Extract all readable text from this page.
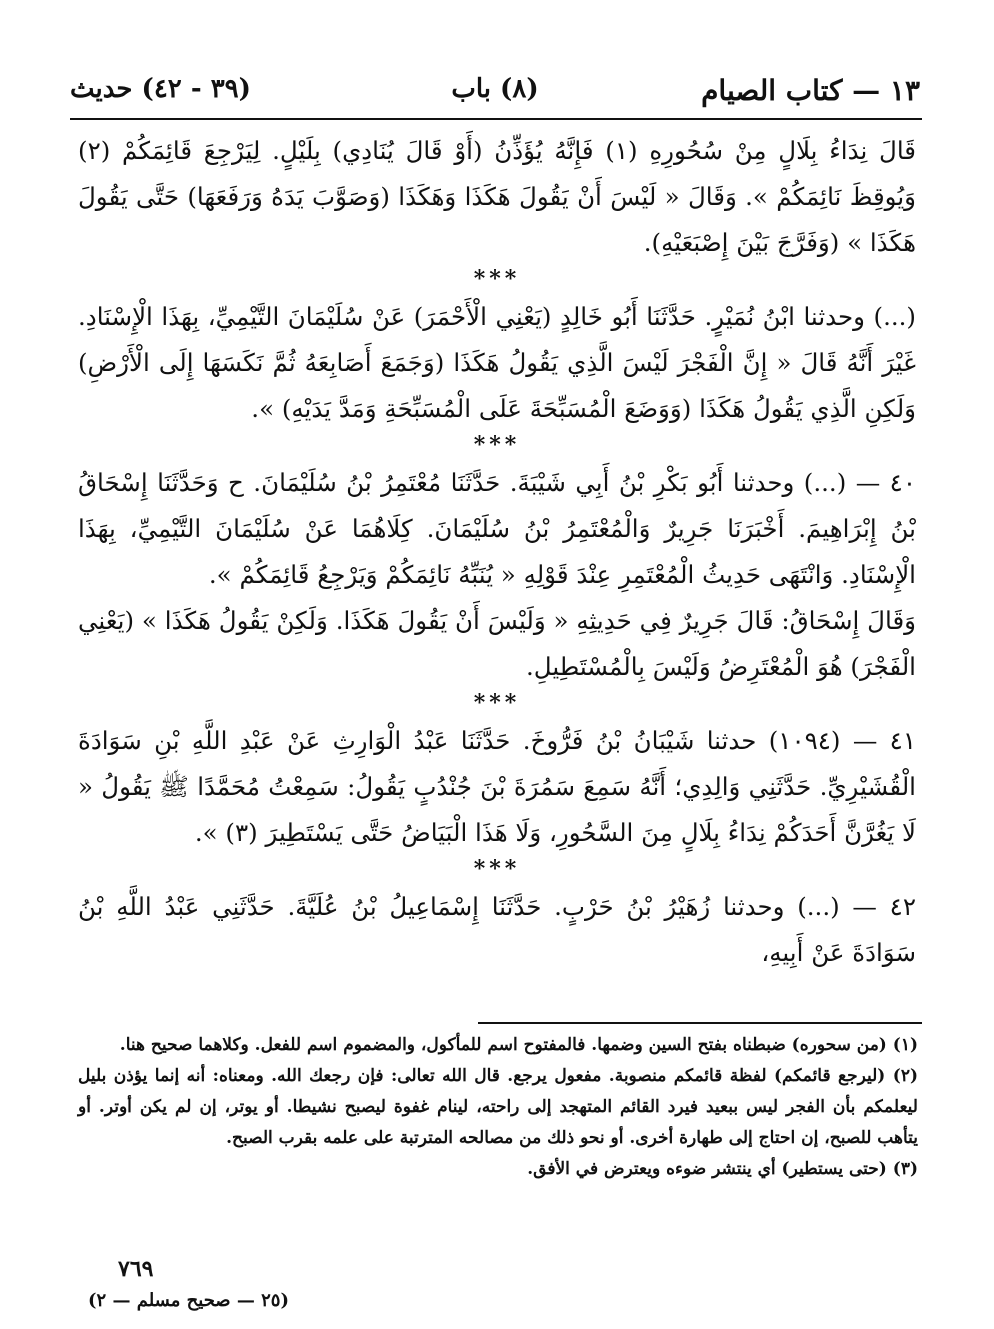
١٣ — كتاب الصيام
(٨) باب
(٣٩ - ٤٢) حديث

قَالَ نِدَاءُ بِلَالٍ مِنْ سُحُورِهِ (١) فَإِنَّهُ يُؤَذِّنُ (أَوْ قَالَ يُنَادِي) بِلَيْلٍ. لِيَرْجِعَ قَائِمَكُمْ (٢) وَيُوقِظَ نَائِمَكُمْ ». وَقَالَ « لَيْسَ أَنْ يَقُولَ هَكَذَا وَهَكَذَا (وَصَوَّبَ يَدَهُ وَرَفَعَهَا) حَتَّى يَقُولَ هَكَذَا » (وَفَرَّجَ بَيْنَ إِصْبَعَيْهِ).

***

(...) وحدثنا ابْنُ نُمَيْرٍ. حَدَّثَنَا أَبُو خَالِدٍ (يَعْنِي الْأَحْمَرَ) عَنْ سُلَيْمَانَ التَّيْمِيِّ، بِهَذَا الْإِسْنَادِ. غَيْرَ أَنَّهُ قَالَ « إِنَّ الْفَجْرَ لَيْسَ الَّذِي يَقُولُ هَكَذَا (وَجَمَعَ أَصَابِعَهُ ثُمَّ نَكَسَهَا إِلَى الْأَرْضِ) وَلَكِنِ الَّذِي يَقُولُ هَكَذَا (وَوَضَعَ الْمُسَبِّحَةَ عَلَى الْمُسَبِّحَةِ وَمَدَّ يَدَيْهِ) ».

***

٤٠ — (...) وحدثنا أَبُو بَكْرِ بْنُ أَبِي شَيْبَةَ. حَدَّثَنَا مُعْتَمِرُ بْنُ سُلَيْمَانَ. ح وَحَدَّثَنَا إِسْحَاقُ بْنُ إِبْرَاهِيمَ. أَخْبَرَنَا جَرِيرٌ وَالْمُعْتَمِرُ بْنُ سُلَيْمَانَ. كِلَاهُمَا عَنْ سُلَيْمَانَ التَّيْمِيِّ، بِهَذَا الْإِسْنَادِ. وَانْتَهَى حَدِيثُ الْمُعْتَمِرِ عِنْدَ قَوْلِهِ « يُنَبِّهُ نَائِمَكُمْ وَيَرْجِعُ قَائِمَكُمْ ».

وَقَالَ إِسْحَاقُ: قَالَ جَرِيرٌ فِي حَدِيثِهِ « وَلَيْسَ أَنْ يَقُولَ هَكَذَا. وَلَكِنْ يَقُولُ هَكَذَا » (يَعْنِي الْفَجْرَ) هُوَ الْمُعْتَرِضُ وَلَيْسَ بِالْمُسْتَطِيلِ.

***

٤١ — (١٠٩٤) حدثنا شَيْبَانُ بْنُ فَرُّوخَ. حَدَّثَنَا عَبْدُ الْوَارِثِ عَنْ عَبْدِ اللَّهِ بْنِ سَوَادَةَ الْقُشَيْرِيِّ. حَدَّثَنِي وَالِدِي؛ أَنَّهُ سَمِعَ سَمُرَةَ بْنَ جُنْدُبٍ يَقُولُ: سَمِعْتُ مُحَمَّدًا ﷺ يَقُولُ « لَا يَغُرَّنَّ أَحَدَكُمْ نِدَاءُ بِلَالٍ مِنَ السَّحُورِ، وَلَا هَذَا الْبَيَاضُ حَتَّى يَسْتَطِيرَ (٣) ».

***

٤٢ — (...) وحدثنا زُهَيْرُ بْنُ حَرْبٍ. حَدَّثَنَا إِسْمَاعِيلُ بْنُ عُلَيَّةَ. حَدَّثَنِي عَبْدُ اللَّهِ بْنُ سَوَادَةَ عَنْ أَبِيهِ،

(١) (من سحوره) ضبطناه بفتح السين وضمها. فالمفتوح اسم للمأكول، والمضموم اسم للفعل. وكلاهما صحيح هنا.

(٢) (ليرجع قائمكم) لفظة قائمكم منصوبة. مفعول يرجع. قال الله تعالى: فإن رجعك الله. ومعناه: أنه إنما يؤذن بليل ليعلمكم بأن الفجر ليس ببعيد فيرد القائم المتهجد إلى راحته، لينام غفوة ليصبح نشيطا. أو يوتر، إن لم يكن أوتر. أو يتأهب للصبح، إن احتاج إلى طهارة أخرى. أو نحو ذلك من مصالحه المترتبة على علمه بقرب الصبح.

(٣) (حتى يستطير) أي ينتشر ضوءه ويعترض في الأفق.

٧٦٩
(٢٥ — صحيح مسلم — ٢)
